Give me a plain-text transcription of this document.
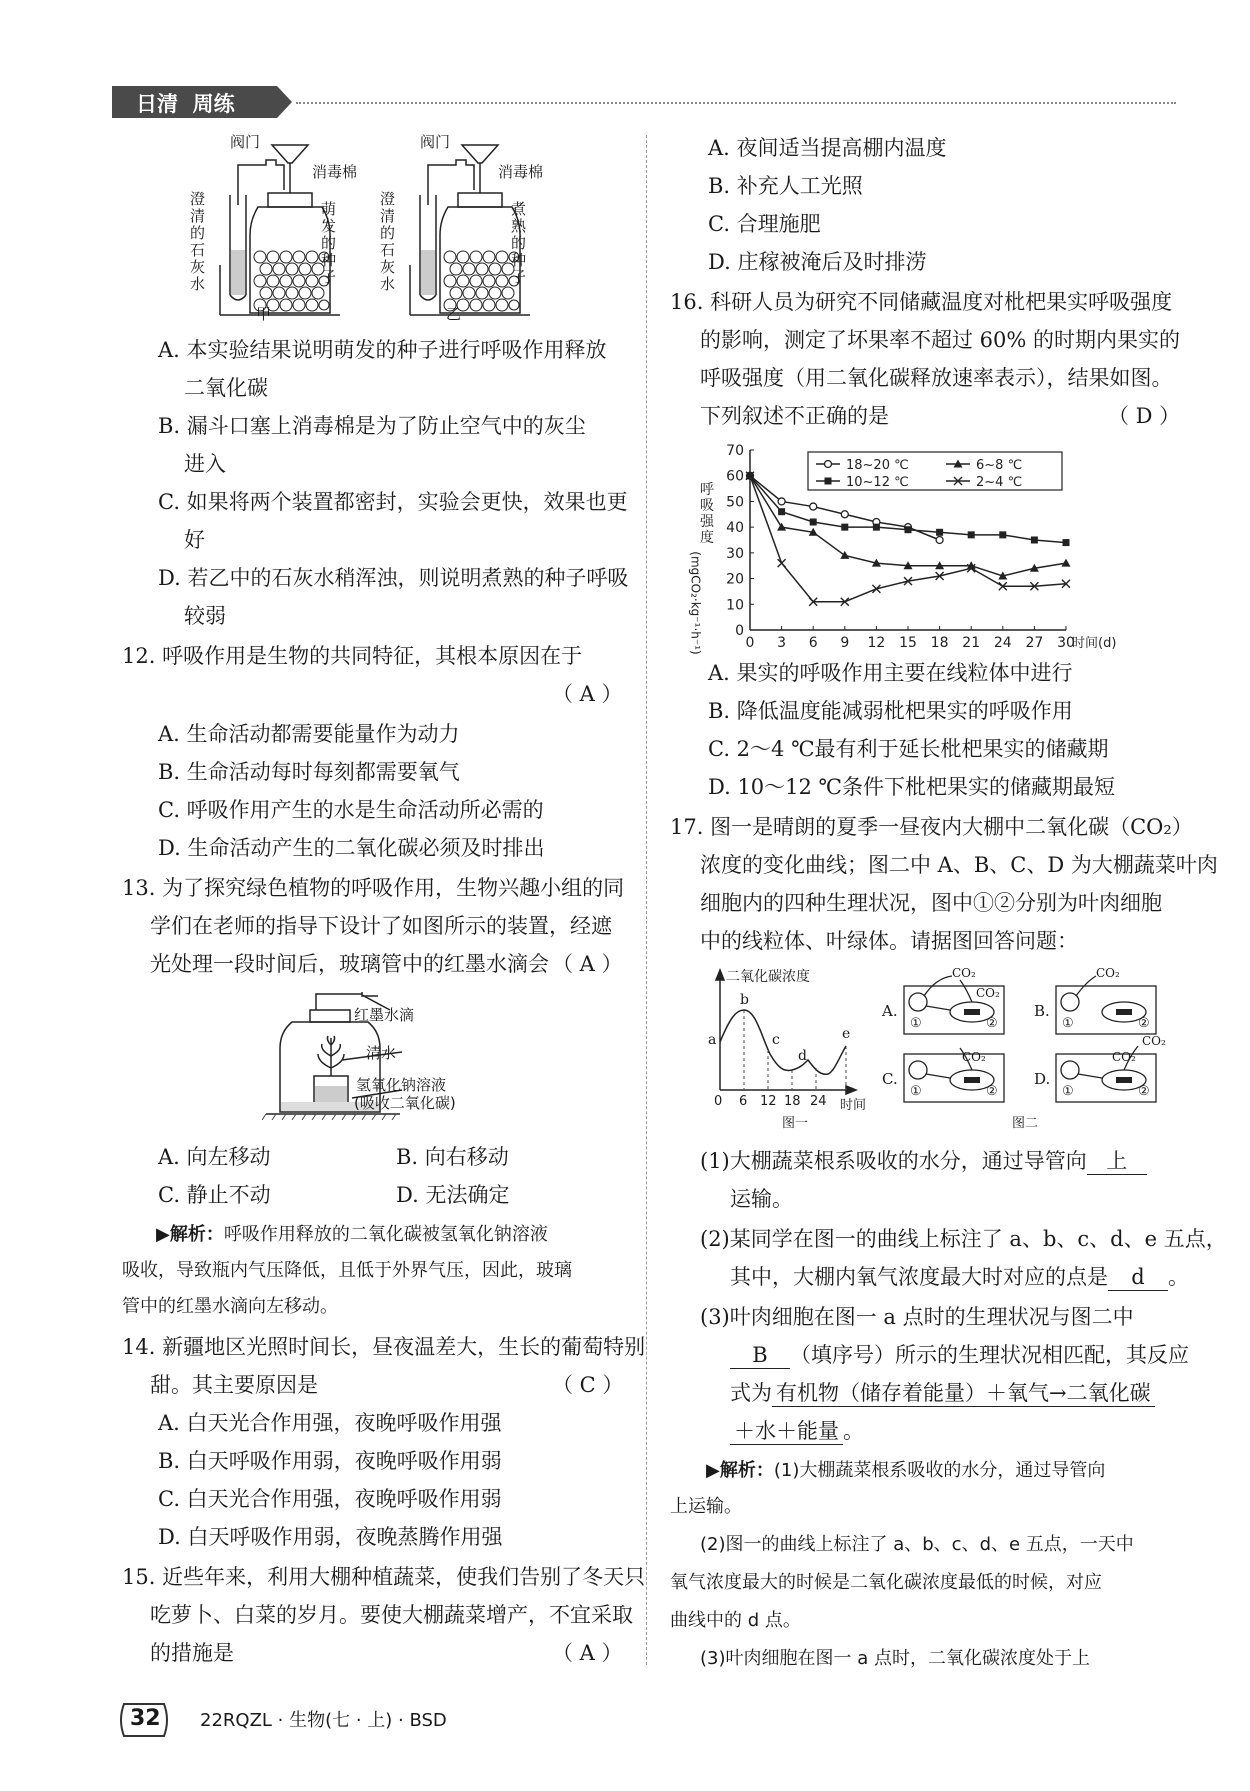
日清  周练
阀门
消毒棉
澄
清
的
石
灰
水
萌
发
的
种
子
甲
阀门
消毒棉
澄
清
的
石
灰
水
煮
熟
的
种
子
乙
A. 本实验结果说明萌发的种子进行呼吸作用释放
二氧化碳
B. 漏斗口塞上消毒棉是为了防止空气中的灰尘
进入
C. 如果将两个装置都密封，实验会更快，效果也更
好
D. 若乙中的石灰水稍浑浊，则说明煮熟的种子呼吸
较弱
12. 呼吸作用是生物的共同特征，其根本原因在于
（ A ）
A. 生命活动都需要能量作为动力
B. 生命活动每时每刻都需要氧气
C. 呼吸作用产生的水是生命活动所必需的
D. 生命活动产生的二氧化碳必须及时排出
13. 为了探究绿色植物的呼吸作用，生物兴趣小组的同
学们在老师的指导下设计了如图所示的装置，经遮
光处理一段时间后，玻璃管中的红墨水滴会 （ A ）
红墨水滴
清水
氢氧化钠溶液
(吸收二氧化碳)
A. 向左移动	B. 向右移动
C. 静止不动	D. 无法确定
▶解析：呼吸作用释放的二氧化碳被氢氧化钠溶液
吸收，导致瓶内气压降低，且低于外界气压，因此，玻璃
管中的红墨水滴向左移动。
14. 新疆地区光照时间长，昼夜温差大，生长的葡萄特别
甜。其主要原因是	（ C ）
A. 白天光合作用强，夜晚呼吸作用强
B. 白天呼吸作用弱，夜晚呼吸作用弱
C. 白天光合作用强，夜晚呼吸作用弱
D. 白天呼吸作用弱，夜晚蒸腾作用强
15. 近些年来，利用大棚种植蔬菜，使我们告别了冬天只
吃萝卜、白菜的岁月。要使大棚蔬菜增产，不宜采取
的措施是	（ A ）
A. 夜间适当提高棚内温度
B. 补充人工光照
C. 合理施肥
D. 庄稼被淹后及时排涝
16. 科研人员为研究不同储藏温度对枇杷果实呼吸强度
的影响，测定了坏果率不超过 60% 的时期内果实的
呼吸强度（用二氧化碳释放速率表示），结果如图。
下列叙述不正确的是	（ D ）
呼
吸
强
度
(mgCO₂·kg⁻¹·h⁻¹) 0
10
20
30
40
50
60
70
0 3 6 9 12 15 18 21 24 27 30
时间(d)
18~20 ℃	6~8 ℃
10~12 ℃	2~4 ℃
A. 果实的呼吸作用主要在线粒体中进行
B. 降低温度能减弱枇杷果实的呼吸作用
C. 2～4 ℃最有利于延长枇杷果实的储藏期
D. 10～12 ℃条件下枇杷果实的储藏期最短
17. 图一是晴朗的夏季一昼夜内大棚中二氧化碳（CO₂）
浓度的变化曲线；图二中 A、B、C、D 为大棚蔬菜叶肉
细胞内的四种生理状况，图中①②分别为叶肉细胞
中的线粒体、叶绿体。请据图回答问题：
二氧化碳浓度
a
b
c
d
e
0 6 12 18 24 时间
图一
CO₂
CO₂
CO₂
CO₂	CO₂
CO₂
A.	B.
C.	D.
①	②	①	②
①	②	①	②
图二
(1)大棚蔬菜根系吸收的水分，通过导管向 上
运输。
(2)某同学在图一的曲线上标注了 a、b、c、d、e 五点，
其中，大棚内氧气浓度最大时对应的点是 d 。
(3)叶肉细胞在图一 a 点时的生理状况与图二中
B （填序号）所示的生理状况相匹配，其反应
式为 有机物（储存着能量）＋氧气→二氧化碳
＋水＋能量 。
▶解析：(1)大棚蔬菜根系吸收的水分，通过导管向
上运输。
(2)图一的曲线上标注了 a、b、c、d、e 五点，一天中
氧气浓度最大的时候是二氧化碳浓度最低的时候，对应
曲线中的 d 点。
(3)叶肉细胞在图一 a 点时，二氧化碳浓度处于上
32 22RQZL · 生物(七 · 上) · BSD
